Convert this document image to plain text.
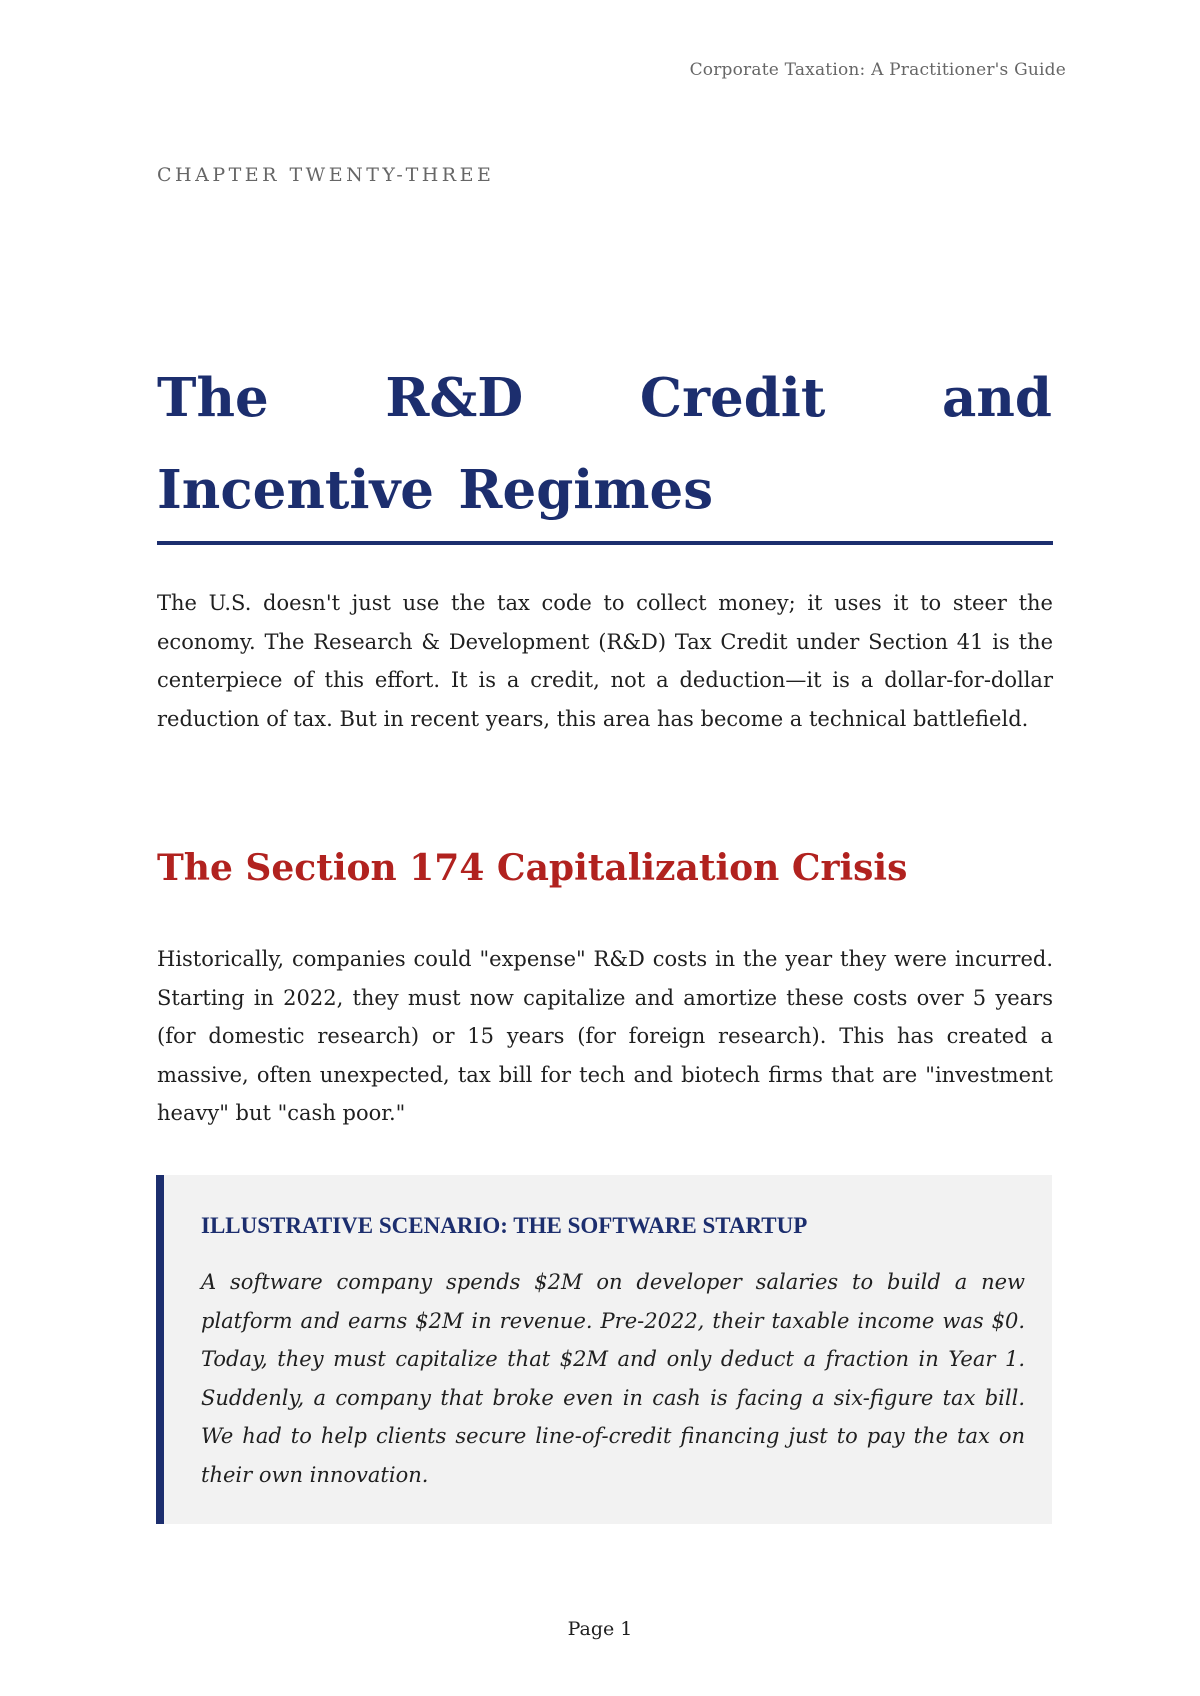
Corporate Taxation: A Practitioner's Guide
CHAPTER TWENTY-THREE
The R&D Credit and Incentive Regimes

The U.S. doesn't just use the tax code to collect money; it uses it to steer the economy. The Research & Development (R&D) Tax Credit under Section 41 is the centerpiece of this effort. It is a credit, not a deduction—it is a dollar-for-dollar reduction of tax. But in recent years, this area has become a technical battlefield.

The Section 174 Capitalization Crisis

Historically, companies could "expense" R&D costs in the year they were incurred. Starting in 2022, they must now capitalize and amortize these costs over 5 years (for domestic research) or 15 years (for foreign research). This has created a massive, often unexpected, tax bill for tech and biotech firms that are "investment heavy" but "cash poor."

ILLUSTRATIVE SCENARIO: THE SOFTWARE STARTUP

A software company spends $2M on developer salaries to build a new platform and earns $2M in revenue. Pre-2022, their taxable income was $0. Today, they must capitalize that $2M and only deduct a fraction in Year 1. Suddenly, a company that broke even in cash is facing a six-figure tax bill. We had to help clients secure line-of-credit financing just to pay the tax on their own innovation.

Page 1
